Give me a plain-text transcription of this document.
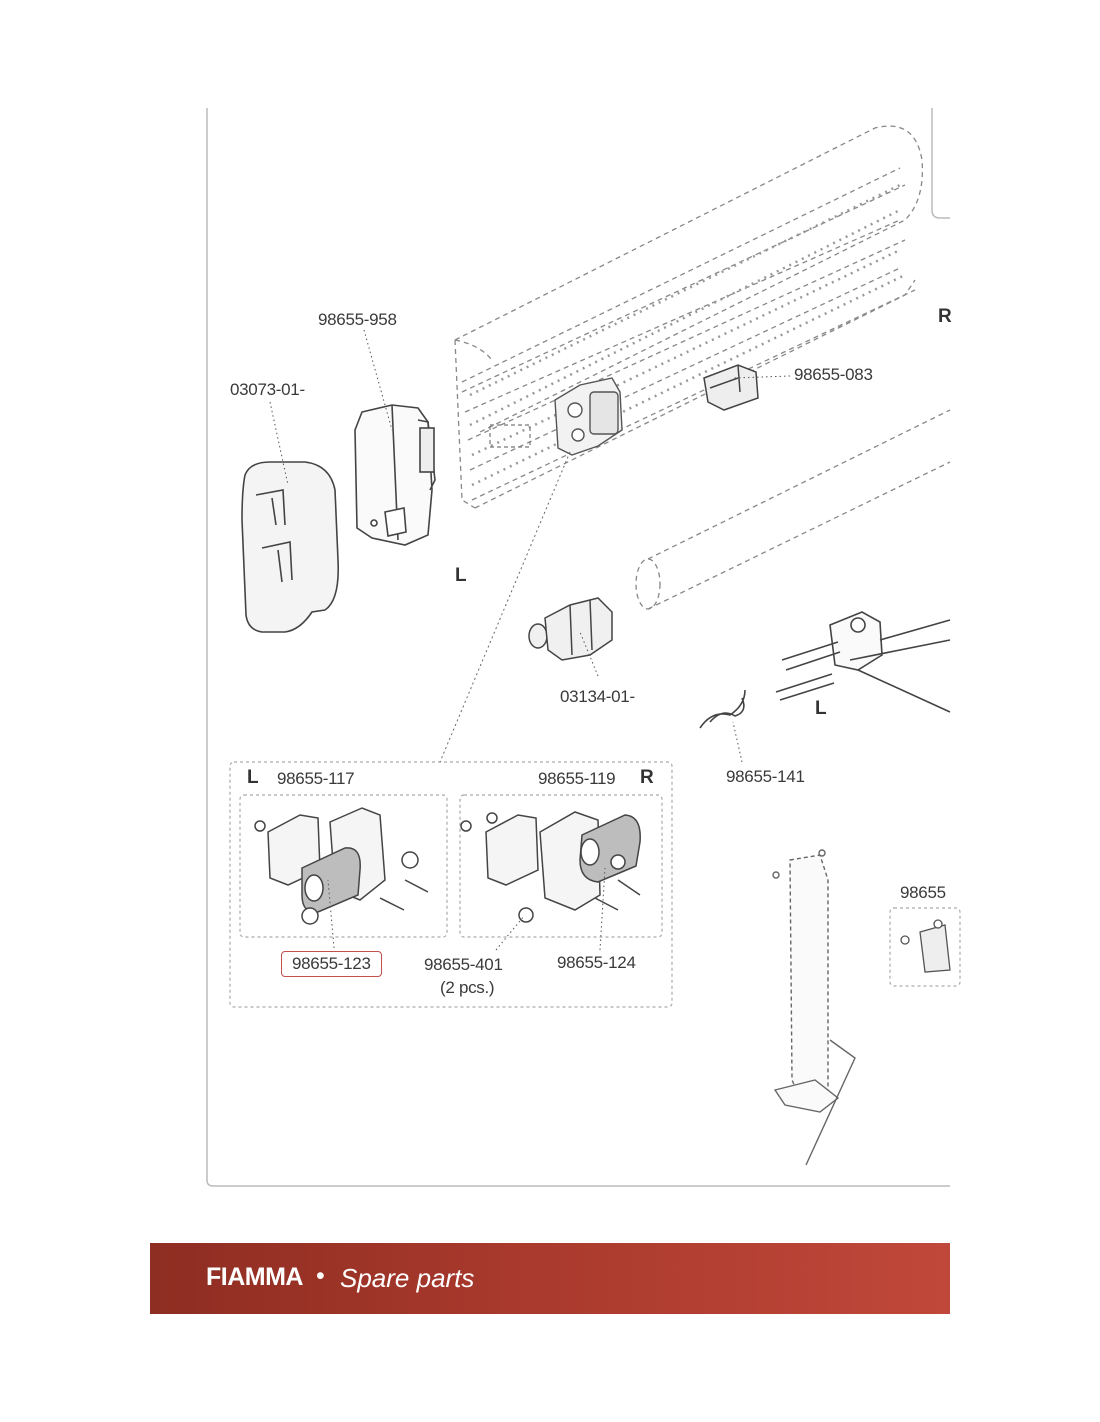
98655-958
03073-01-
98655-083
03134-01-
98655-141
98655-117	98655-119
98655-123	98655-401
(2 pcs.)
98655-124
98655
L
L
L	R
R
FIAMMA • Spare parts
